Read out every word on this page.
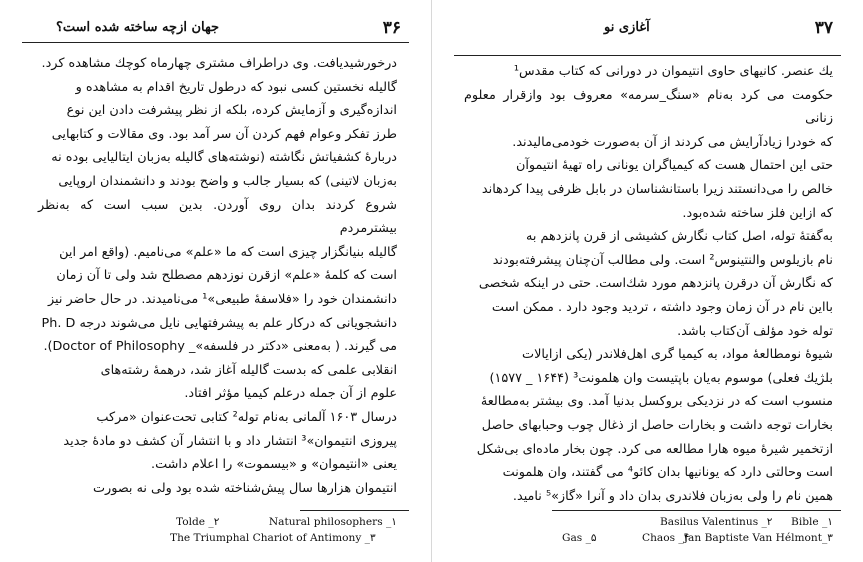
۳۶
جهان ازچه ساخته شده است؟

درخورشیدیافت. وی دراطراف مشتری چهارماه کوچك مشاهده کرد.

گالیله نخستین کسی نبود که درطول تاریخ اقدام به مشاهده و

اندازه‌گیری و آزمایش کرده، بلکه از نظر پیشرفت دادن این نوع

طرز تفکر وعوام فهم کردن آن سر آمد بود. وی مقالات و کتابهایی

دربارهٔ کشفیاتش نگاشته (نوشته‌های گالیله به‌زبان ایتالیایی بوده نه

به‌زبان لاتینی) که بسیار جالب و واضح بودند و دانشمندان اروپایی

شروع کردند بدان روی آوردن. بدین سبب است که به‌نظر بیشترمردم

گالیله بنیانگزار چیزی است که ما «علم» می‌نامیم. (واقع امر این

است که کلمهٔ «علم» ازقرن نوزدهم مصطلح شد ولی تا آن زمان

دانشمندان خود را «فلاسفهٔ طبیعی»¹ می‌نامیدند. در حال حاضر نیز

دانشجویانی که درکار علم به پیشرفتهایی نایل می‌شوند درجه Ph. D

می گیرند. ( به‌معنی «دکتر در فلسفه»_ Doctor of Philosophy).

انقلابی علمی که بدست گالیله آغاز شد، درهمهٔ رشته‌های

علوم از آن جمله درعلم کیمیا مؤثر افتاد.

درسال ۱۶۰۳ آلمانی به‌نام توله² کتابی تحت‌عنوان «مرکب

پیروزی انتیموان»³ انتشار داد و با انتشار آن کشف دو مادهٔ جدید

یعنی «انتیموان» و «بیسموت» را اعلام داشت.

انتیموان هزارها سال پیش‌شناخته شده بود ولی نه بصورت

Natural philosophers _۱
Tolde _۲
The Triumphal Chariot of Antimony _۳
۳۷
آغازی نو

یك عنصر. کانیهای حاوی انتیموان در دورانی که کتاب مقدس¹

حکومت می کرد به‌نام «سنگ_سرمه» معروف بود وازقرار معلوم زنانی

که خودرا زیادآرایش می کردند از آن به‌صورت خودمی‌مالیدند.

حتی این احتمال هست که کیمیاگران یونانی راه تهیهٔ انتیموآن

خالص را می‌دانستند زیرا باستانشناسان در بابل ظرفی پیدا کردهاند

که ازاین فلز ساخته شده‌بود.

به‌گفتهٔ توله، اصل کتاب نگارش کشیشی از قرن پانزدهم به

نام بازیلوس والنتینوس² است. ولی مطالب آن‌چنان پیشرفته‌بودند

که نگارش آن درقرن پانزدهم مورد شك‌است. حتی در اینکه شخصی

بااین نام در آن زمان وجود داشته ، تردید وجود دارد . ممکن است

توله خود مؤلف آن‌کتاب باشد.

شیوهٔ نومطالعهٔ مواد، به کیمیا گری اهل‌فلاندر (یکی ازایالات

بلژیك فعلی) موسوم به‌یان باپتیست وان هلمونت³ (۱۶۴۴ _ ۱۵۷۷)

منسوب است که در نزدیکی بروکسل بدنیا آمد. وی بیشتر به‌مطالعهٔ

بخارات توجه داشت و بخارات حاصل از ذغال چوب وحبابهای حاصل

ازتخمیر شیرهٔ میوه هارا مطالعه می کرد. چون بخار ماده‌ای بی‌شکل

است وحالتی دارد که یونانیها بدان کائو⁴ می گفتند، وان هلمونت

همین نام را ولی به‌زبان فلاندری بدان داد و آنرا «گاز»⁵ نامید.

Bible _۱
Basilus Valentinus _۲
Jan Baptiste Van Hélmont_۳
Chaos _۴
Gas _۵
